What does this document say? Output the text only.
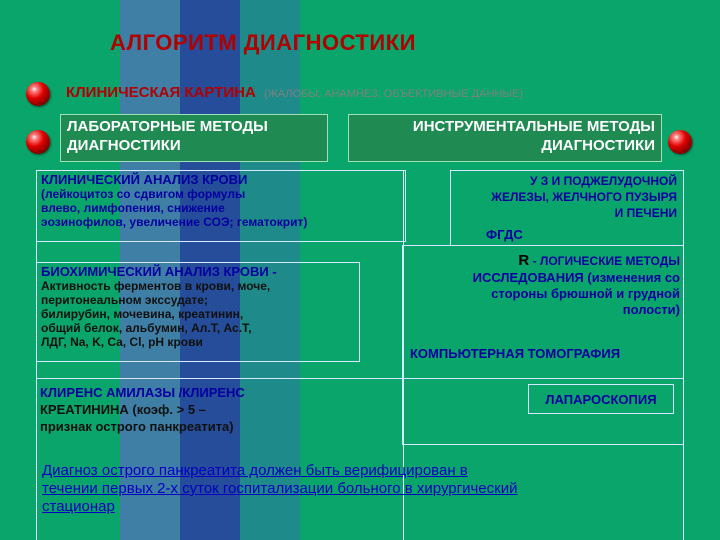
АЛГОРИТМ ДИАГНОСТИКИ
КЛИНИЧЕСКАЯ КАРТИНА (ЖАЛОБЫ, АНАМНЕЗ, ОБЪЕКТИВНЫЕ ДАННЫЕ)
ЛАБОРАТОРНЫЕ МЕТОДЫ
ДИАГНОСТИКИ
ИНСТРУМЕНТАЛЬНЫЕ МЕТОДЫ
ДИАГНОСТИКИ
КЛИНИЧЕСКИЙ АНАЛИЗ КРОВИ
(лейкоцитоз со сдвигом формулы
влево, лимфопения, снижение
эозинофилов, увеличение СОЭ; гематокрит)
БИОХИМИЧЕСКИЙ АНАЛИЗ КРОВИ -
Активность ферментов в крови, моче,
перитонеальном экссудате;
билирубин, мочевина, креатинин,
общий белок, альбумин, Ал.Т, Ас.Т,
ЛДГ, Na, K, Ca, Cl, pH крови
КЛИРЕНС АМИЛАЗЫ /КЛИРЕНС
КРЕАТИНИНА (коэф. > 5 –
признак острого панкреатита)
У З И ПОДЖЕЛУДОЧНОЙ
ЖЕЛЕЗЫ, ЖЕЛЧНОГО ПУЗЫРЯ
И ПЕЧЕНИ
ФГДС
R - ЛОГИЧЕСКИЕ МЕТОДЫ
ИССЛЕДОВАНИЯ (изменения со
стороны брюшной и грудной
полости)
КОМПЬЮТЕРНАЯ ТОМОГРАФИЯ
ЛАПАРОСКОПИЯ
Диагноз острого панкреатита должен быть верифицирован в
течении первых 2-х суток госпитализации больного в хирургический
стационар
